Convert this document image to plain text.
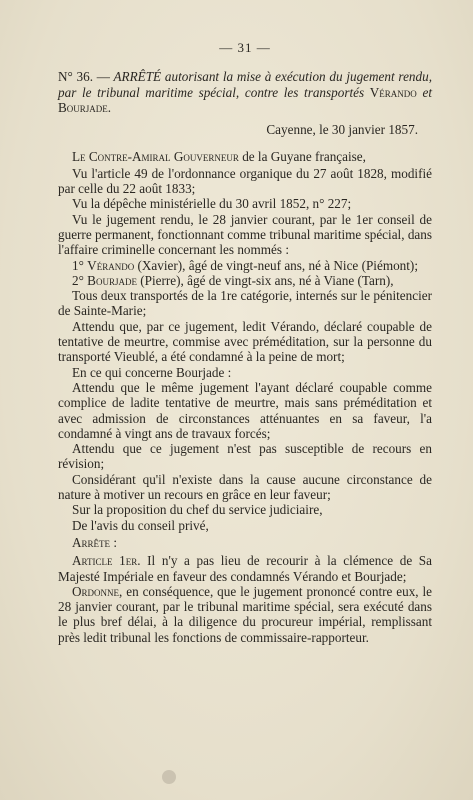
— 31 —

N° 36. — ARRÊTÉ autorisant la mise à exécution du jugement rendu, par le tribunal maritime spécial, contre les transportés Vérando et Bourjade.

Cayenne, le 30 janvier 1857.

Le Contre-Amiral Gouverneur de la Guyane française,

Vu l'article 49 de l'ordonnance organique du 27 août 1828, modifié par celle du 22 août 1833;

Vu la dépêche ministérielle du 30 avril 1852, n° 227;

Vu le jugement rendu, le 28 janvier courant, par le 1er conseil de guerre permanent, fonctionnant comme tribunal maritime spécial, dans l'affaire criminelle concernant les nommés :

1° Vérando (Xavier), âgé de vingt-neuf ans, né à Nice (Piémont);

2° Bourjade (Pierre), âgé de vingt-six ans, né à Viane (Tarn),

Tous deux transportés de la 1re catégorie, internés sur le pénitencier de Sainte-Marie;

Attendu que, par ce jugement, ledit Vérando, déclaré coupable de tentative de meurtre, commise avec préméditation, sur la personne du transporté Vieublé, a été condamné à la peine de mort;

En ce qui concerne Bourjade :

Attendu que le même jugement l'ayant déclaré coupable comme complice de ladite tentative de meurtre, mais sans préméditation et avec admission de circonstances atténuantes en sa faveur, l'a condamné à vingt ans de travaux forcés;

Attendu que ce jugement n'est pas susceptible de recours en révision;

Considérant qu'il n'existe dans la cause aucune circonstance de nature à motiver un recours en grâce en leur faveur;

Sur la proposition du chef du service judiciaire,

De l'avis du conseil privé,

Arrête :

Article 1er. Il n'y a pas lieu de recourir à la clémence de Sa Majesté Impériale en faveur des condamnés Vérando et Bourjade;

Ordonne, en conséquence, que le jugement prononcé contre eux, le 28 janvier courant, par le tribunal maritime spécial, sera exécuté dans le plus bref délai, à la diligence du procureur impérial, remplissant près ledit tribunal les fonctions de commissaire-rapporteur.
